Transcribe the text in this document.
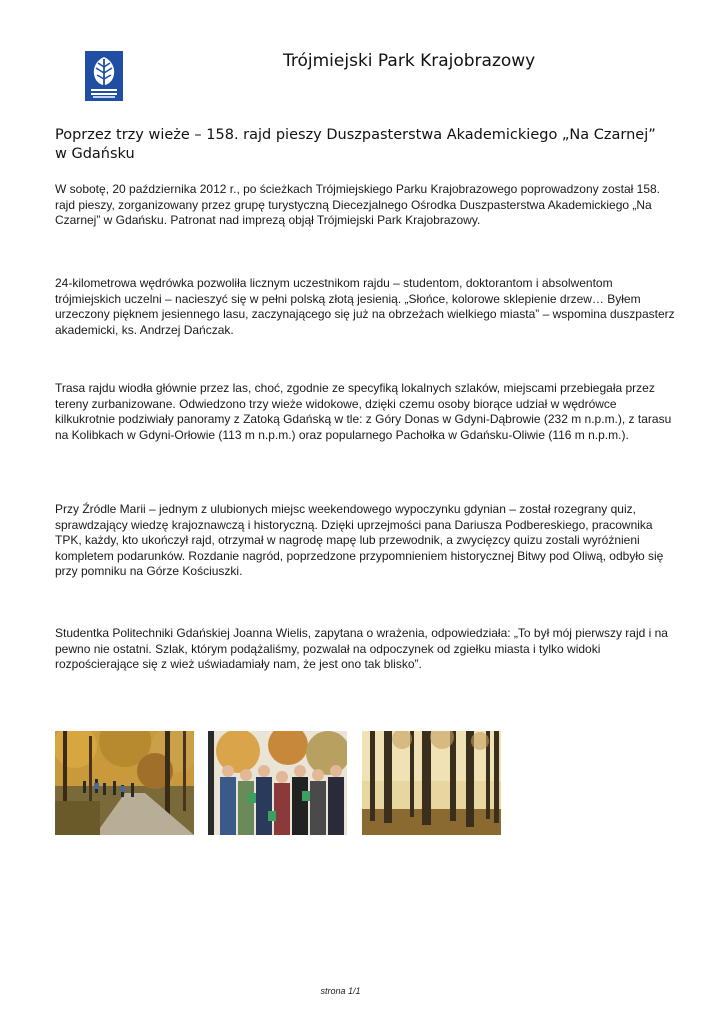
Trójmiejski Park Krajobrazowy
Poprzez trzy wieże – 158. rajd pieszy Duszpasterstwa Akademickiego „Na Czarnej”
w Gdańsku
W sobotę, 20 października 2012 r., po ścieżkach Trójmiejskiego Parku Krajobrazowego poprowadzony został 158. rajd pieszy, zorganizowany przez grupę turystyczną Diecezjalnego Ośrodka Duszpasterstwa Akademickiego „Na Czarnej” w Gdańsku. Patronat nad imprezą objął Trójmiejski Park Krajobrazowy.
24-kilometrowa wędrówka pozwoliła licznym uczestnikom rajdu – studentom, doktorantom i absolwentom trójmiejskich uczelni – nacieszyć się w pełni polską złotą jesienią. „Słońce, kolorowe sklepienie drzew… Byłem urzeczony pięknem jesiennego lasu, zaczynającego się już na obrzeżach wielkiego miasta” – wspomina duszpasterz akademicki, ks. Andrzej Dańczak.
Trasa rajdu wiodła głównie przez las, choć, zgodnie ze specyfiką lokalnych szlaków, miejscami przebiegała przez tereny zurbanizowane. Odwiedzono trzy wieże widokowe, dzięki czemu osoby biorące udział w wędrówce kilkukrotnie podziwiały panoramy z Zatoką Gdańską w tle: z Góry Donas w Gdyni-Dąbrowie (232 m n.p.m.), z tarasu na Kolibkach w Gdyni-Orłowie (113 m n.p.m.) oraz popularnego Pachołka w Gdańsku-Oliwie (116 m n.p.m.).
Przy Źródle Marii – jednym z ulubionych miejsc weekendowego wypoczynku gdynian – został rozegrany quiz, sprawdzający wiedzę krajoznawczą i historyczną. Dzięki uprzejmości pana Dariusza Podbereskiego, pracownika TPK, każdy, kto ukończył rajd, otrzymał w nagrodę mapę lub przewodnik, a zwycięzcy quizu zostali wyróżnieni kompletem podarunków. Rozdanie nagród, poprzedzone przypomnieniem historycznej Bitwy pod Oliwą, odbyło się przy pomniku na Górze Kościuszki.
Studentka Politechniki Gdańskiej Joanna Wielis, zapytana o wrażenia, odpowiedziała: „To był mój pierwszy rajd i na pewno nie ostatni. Szlak, którym podążaliśmy, pozwalał na odpoczynek od zgiełku miasta i tylko widoki rozpościerające się z wież uświadamiały nam, że jest ono tak blisko”.
strona 1/1
